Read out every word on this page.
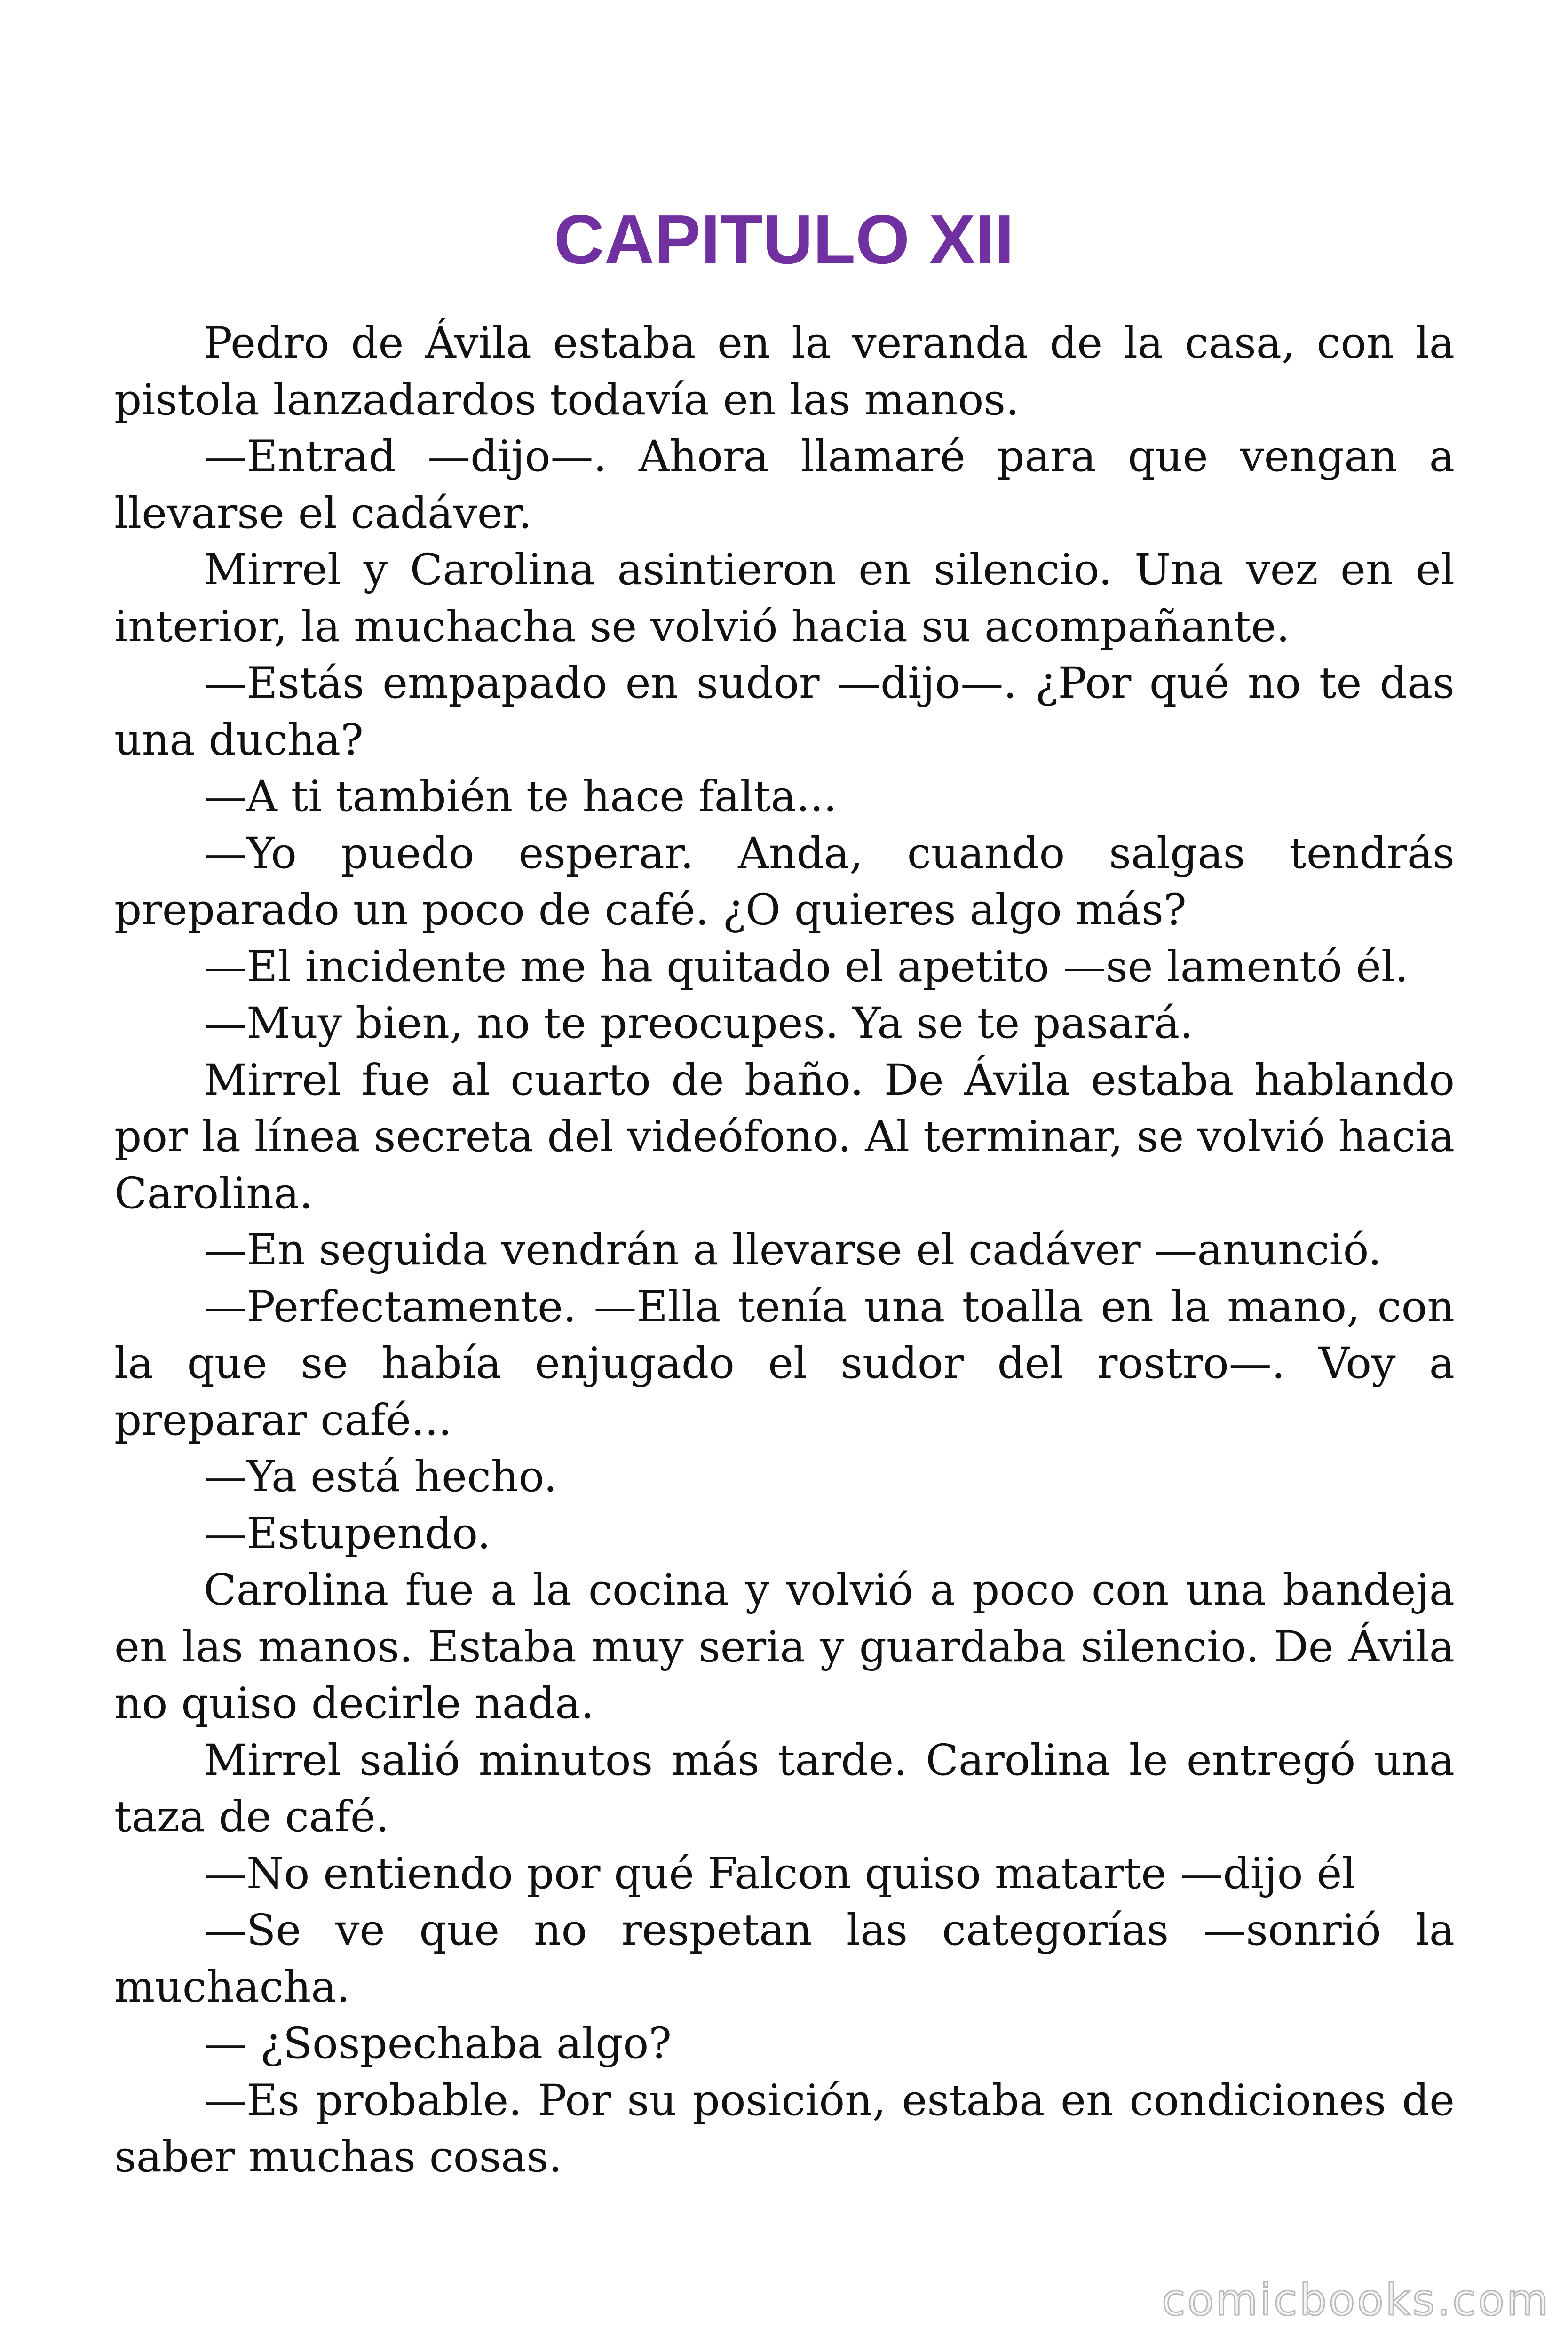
CAPITULO XII

Pedro de Ávila estaba en la veranda de la casa, con la pistola lanzadardos todavía en las manos.

—Entrad —dijo—. Ahora llamaré para que vengan a llevarse el cadáver.

Mirrel y Carolina asintieron en silencio. Una vez en el interior, la muchacha se volvió hacia su acompañante.

—Estás empapado en sudor —dijo—. ¿Por qué no te das una ducha?

—A ti también te hace falta...

—Yo puedo esperar. Anda, cuando salgas tendrás preparado un poco de café. ¿O quieres algo más?

—El incidente me ha quitado el apetito —se lamentó él.

—Muy bien, no te preocupes. Ya se te pasará.

Mirrel fue al cuarto de baño. De Ávila estaba hablando por la línea secreta del videófono. Al terminar, se volvió hacia Carolina.

—En seguida vendrán a llevarse el cadáver —anunció.

—Perfectamente. —Ella tenía una toalla en la mano, con la que se había enjugado el sudor del rostro—. Voy a preparar café...

—Ya está hecho.

—Estupendo.

Carolina fue a la cocina y volvió a poco con una bandeja en las manos. Estaba muy seria y guardaba silencio. De Ávila no quiso decirle nada.

Mirrel salió minutos más tarde. Carolina le entregó una taza de café.

—No entiendo por qué Falcon quiso matarte —dijo él

—Se ve que no respetan las categorías —sonrió la muchacha.

— ¿Sospechaba algo?

—Es probable. Por su posición, estaba en condiciones de saber muchas cosas.

comicbooks.com
